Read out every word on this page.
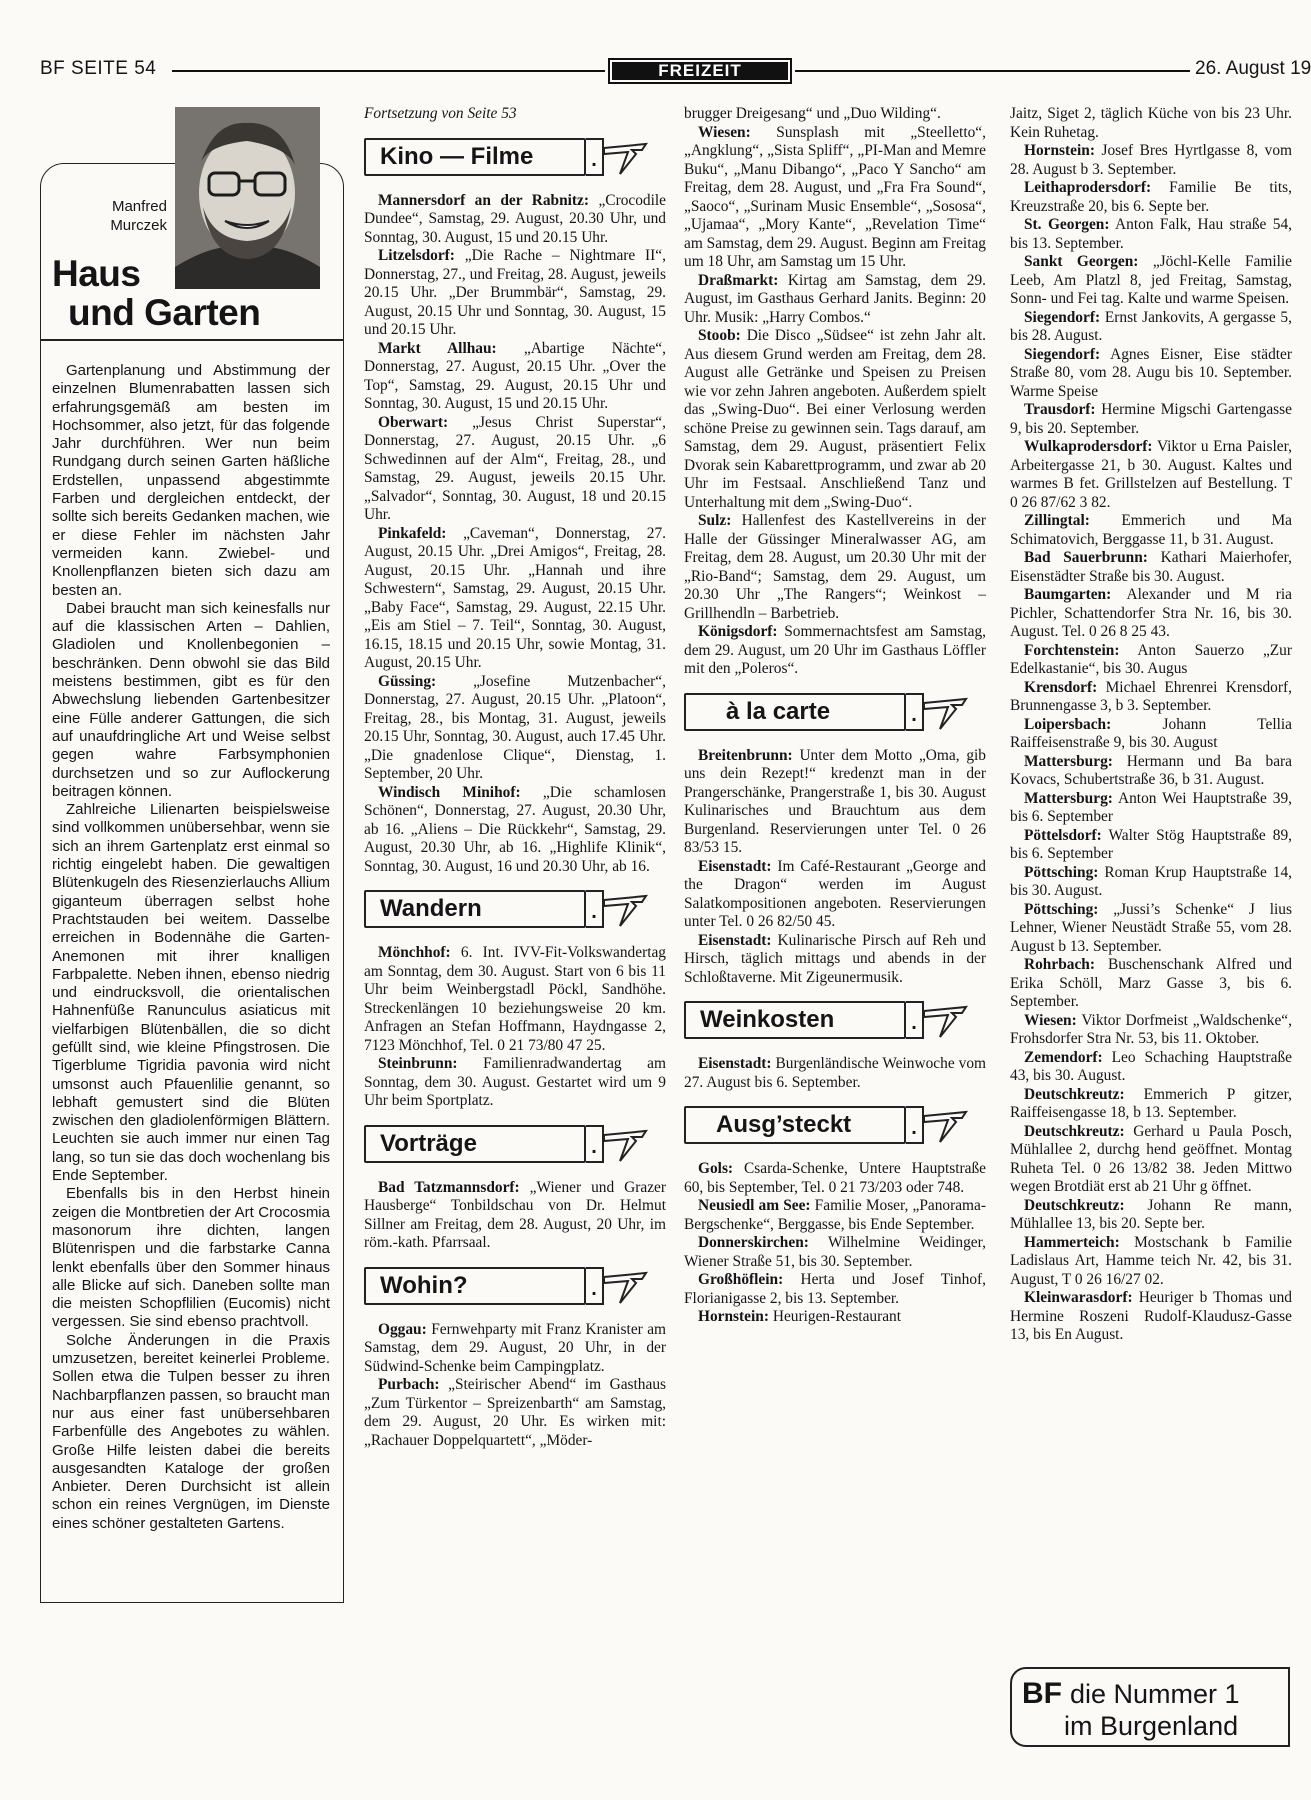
BF SEITE 54	FREIZEIT	26. August 19
Manfred Murczek
Haus
und Garten

Gartenplanung und Abstimmung der einzelnen Blumenrabatten lassen sich erfahrungsgemäß am besten im Hochsommer, also jetzt, für das folgende Jahr durchführen. Wer nun beim Rundgang durch seinen Garten häßliche Erdstellen, unpassend abgestimmte Farben und dergleichen entdeckt, der sollte sich bereits Gedanken machen, wie er diese Fehler im nächsten Jahr vermeiden kann. Zwiebel- und Knollenpflanzen bieten sich dazu am besten an.

Dabei braucht man sich keinesfalls nur auf die klassischen Arten – Dahlien, Gladiolen und Knollenbegonien – beschränken. Denn obwohl sie das Bild meistens bestimmen, gibt es für den Abwechslung liebenden Gartenbesitzer eine Fülle anderer Gattungen, die sich auf unaufdringliche Art und Weise selbst gegen wahre Farbsymphonien durchsetzen und so zur Auflockerung beitragen können.

Zahlreiche Lilienarten beispielsweise sind vollkommen unübersehbar, wenn sie sich an ihrem Gartenplatz erst einmal so richtig eingelebt haben. Die gewaltigen Blütenkugeln des Riesenzierlauchs Allium giganteum überragen selbst hohe Prachtstauden bei weitem. Dasselbe erreichen in Bodennähe die Garten-Anemonen mit ihrer knalligen Farbpalette. Neben ihnen, ebenso niedrig und eindrucksvoll, die orientalischen Hahnenfüße Ranunculus asiaticus mit vielfarbigen Blütenbällen, die so dicht gefüllt sind, wie kleine Pfingstrosen. Die Tigerblume Tigridia pavonia wird nicht umsonst auch Pfauenlilie genannt, so lebhaft gemustert sind die Blüten zwischen den gladiolenförmigen Blättern. Leuchten sie auch immer nur einen Tag lang, so tun sie das doch wochenlang bis Ende September.

Ebenfalls bis in den Herbst hinein zeigen die Montbretien der Art Crocosmia masonorum ihre dichten, langen Blütenrispen und die farbstarke Canna lenkt ebenfalls über den Sommer hinaus alle Blicke auf sich. Daneben sollte man die meisten Schopflilien (Eucomis) nicht vergessen. Sie sind ebenso prachtvoll.

Solche Änderungen in die Praxis umzusetzen, bereitet keinerlei Probleme. Sollen etwa die Tulpen besser zu ihren Nachbarpflanzen passen, so braucht man nur aus einer fast unübersehbaren Farbenfülle des Angebotes zu wählen. Große Hilfe leisten dabei die bereits ausgesandten Kataloge der großen Anbieter. Deren Durchsicht ist allein schon ein reines Vergnügen, im Dienste eines schöner gestalteten Gartens.

Fortsetzung von Seite 53

Kino — Filme	.

Mannersdorf an der Rabnitz: „Crocodile Dundee“, Samstag, 29. August, 20.30 Uhr, und Sonntag, 30. August, 15 und 20.15 Uhr.

Litzelsdorf: „Die Rache – Nightmare II“, Donnerstag, 27., und Freitag, 28. August, jeweils 20.15 Uhr. „Der Brummbär“, Samstag, 29. August, 20.15 Uhr und Sonntag, 30. August, 15 und 20.15 Uhr.

Markt Allhau: „Abartige Nächte“, Donnerstag, 27. August, 20.15 Uhr. „Over the Top“, Samstag, 29. August, 20.15 Uhr und Sonntag, 30. August, 15 und 20.15 Uhr.

Oberwart: „Jesus Christ Superstar“, Donnerstag, 27. August, 20.15 Uhr. „6 Schwedinnen auf der Alm“, Freitag, 28., und Samstag, 29. August, jeweils 20.15 Uhr. „Salvador“, Sonntag, 30. August, 18 und 20.15 Uhr.

Pinkafeld: „Caveman“, Donnerstag, 27. August, 20.15 Uhr. „Drei Amigos“, Freitag, 28. August, 20.15 Uhr. „Hannah und ihre Schwestern“, Samstag, 29. August, 20.15 Uhr. „Baby Face“, Samstag, 29. August, 22.15 Uhr. „Eis am Stiel – 7. Teil“, Sonntag, 30. August, 16.15, 18.15 und 20.15 Uhr, sowie Montag, 31. August, 20.15 Uhr.

Güssing: „Josefine Mutzenbacher“, Donnerstag, 27. August, 20.15 Uhr. „Platoon“, Freitag, 28., bis Montag, 31. August, jeweils 20.15 Uhr, Sonntag, 30. August, auch 17.45 Uhr. „Die gnadenlose Clique“, Dienstag, 1. September, 20 Uhr.

Windisch Minihof: „Die schamlosen Schönen“, Donnerstag, 27. August, 20.30 Uhr, ab 16. „Aliens – Die Rückkehr“, Samstag, 29. August, 20.30 Uhr, ab 16. „Highlife Klinik“, Sonntag, 30. August, 16 und 20.30 Uhr, ab 16.

Wandern	.

Mönchhof: 6. Int. IVV-Fit-Volkswandertag am Sonntag, dem 30. August. Start von 6 bis 11 Uhr beim Weinbergstadl Pöckl, Sandhöhe. Streckenlängen 10 beziehungsweise 20 km. Anfragen an Stefan Hoffmann, Haydngasse 2, 7123 Mönchhof, Tel. 0 21 73/80 47 25.

Steinbrunn: Familienradwandertag am Sonntag, dem 30. August. Gestartet wird um 9 Uhr beim Sportplatz.

Vorträge	.

Bad Tatzmannsdorf: „Wiener und Grazer Hausberge“ Tonbildschau von Dr. Helmut Sillner am Freitag, dem 28. August, 20 Uhr, im röm.-kath. Pfarrsaal.

Wohin?	.

Oggau: Fernwehparty mit Franz Kranister am Samstag, dem 29. August, 20 Uhr, in der Südwind-Schenke beim Campingplatz.

Purbach: „Steirischer Abend“ im Gasthaus „Zum Türkentor – Spreizenbarth“ am Samstag, dem 29. August, 20 Uhr. Es wirken mit: „Rachauer Doppelquartett“, „Möder-

brugger Dreigesang“ und „Duo Wilding“.

Wiesen: Sunsplash mit „Steelletto“, „Angklung“, „Sista Spliff“, „PI-Man and Memre Buku“, „Manu Dibango“, „Paco Y Sancho“ am Freitag, dem 28. August, und „Fra Fra Sound“, „Saoco“, „Surinam Music Ensemble“, „Sososa“, „Ujamaa“, „Mory Kante“, „Revelation Time“ am Samstag, dem 29. August. Beginn am Freitag um 18 Uhr, am Samstag um 15 Uhr.

Draßmarkt: Kirtag am Samstag, dem 29. August, im Gasthaus Gerhard Janits. Beginn: 20 Uhr. Musik: „Harry Combos.“

Stoob: Die Disco „Südsee“ ist zehn Jahr alt. Aus diesem Grund werden am Freitag, dem 28. August alle Getränke und Speisen zu Preisen wie vor zehn Jahren angeboten. Außerdem spielt das „Swing-Duo“. Bei einer Verlosung werden schöne Preise zu gewinnen sein. Tags darauf, am Samstag, dem 29. August, präsentiert Felix Dvorak sein Kabarettprogramm, und zwar ab 20 Uhr im Festsaal. Anschließend Tanz und Unterhaltung mit dem „Swing-Duo“.

Sulz: Hallenfest des Kastellvereins in der Halle der Güssinger Mineralwasser AG, am Freitag, dem 28. August, um 20.30 Uhr mit der „Rio-Band“; Samstag, dem 29. August, um 20.30 Uhr „The Rangers“; Weinkost – Grillhendln – Barbetrieb.

Königsdorf: Sommernachtsfest am Samstag, dem 29. August, um 20 Uhr im Gasthaus Löffler mit den „Poleros“.

à la carte	.

Breitenbrunn: Unter dem Motto „Oma, gib uns dein Rezept!“ kredenzt man in der Prangerschänke, Prangerstraße 1, bis 30. August Kulinarisches und Brauchtum aus dem Burgenland. Reservierungen unter Tel. 0 26 83/53 15.

Eisenstadt: Im Café-Restaurant „George and the Dragon“ werden im August Salatkompositionen angeboten. Reservierungen unter Tel. 0 26 82/50 45.

Eisenstadt: Kulinarische Pirsch auf Reh und Hirsch, täglich mittags und abends in der Schloßtaverne. Mit Zigeunermusik.

Weinkosten	.

Eisenstadt: Burgenländische Weinwoche vom 27. August bis 6. September.

Ausg’steckt	.

Gols: Csarda-Schenke, Untere Hauptstraße 60, bis September, Tel. 0 21 73/203 oder 748.

Neusiedl am See: Familie Moser, „Panorama-Bergschenke“, Berggasse, bis Ende September.

Donnerskirchen: Wilhelmine Weidinger, Wiener Straße 51, bis 30. September.

Großhöflein: Herta und Josef Tinhof, Florianigasse 2, bis 13. September.

Hornstein: Heurigen-Restaurant

Jaitz, Siget 2, täglich Küche von bis 23 Uhr. Kein Ruhetag.

Hornstein: Josef Bres Hyrtlgasse 8, vom 28. August b 3. September.

Leithaprodersdorf: Familie Be tits, Kreuzstraße 20, bis 6. Septe ber.

St. Georgen: Anton Falk, Hau straße 54, bis 13. September.

Sankt Georgen: „Jöchl-Kelle Familie Leeb, Am Platzl 8, jed Freitag, Samstag, Sonn- und Fei tag. Kalte und warme Speisen.

Siegendorf: Ernst Jankovits, A gergasse 5, bis 28. August.

Siegendorf: Agnes Eisner, Eise städter Straße 80, vom 28. Augu bis 10. September. Warme Speise

Trausdorf: Hermine Migschi Gartengasse 9, bis 20. September.

Wulkaprodersdorf: Viktor u Erna Paisler, Arbeitergasse 21, b 30. August. Kaltes und warmes B fet. Grillstelzen auf Bestellung. T 0 26 87/62 3 82.

Zillingtal: Emmerich und Ma Schimatovich, Berggasse 11, b 31. August.

Bad Sauerbrunn: Kathari Maierhofer, Eisenstädter Straße bis 30. August.

Baumgarten: Alexander und M ria Pichler, Schattendorfer Stra Nr. 16, bis 30. August. Tel. 0 26 8 25 43.

Forchtenstein: Anton Sauerzo „Zur Edelkastanie“, bis 30. Augus

Krensdorf: Michael Ehrenrei Krensdorf, Brunnengasse 3, b 3. September.

Loipersbach:	Johann Tellia Raiffeisenstraße 9, bis 30. August

Mattersburg: Hermann und Ba bara Kovacs, Schubertstraße 36, b 31. August.

Mattersburg: Anton Wei Hauptstraße 39, bis 6. September

Pöttelsdorf: Walter Stög Hauptstraße 89, bis 6. September

Pöttsching: Roman Krup Hauptstraße 14, bis 30. August.

Pöttsching: „Jussi’s Schenke“ J lius Lehner, Wiener Neustädt Straße 55, vom 28. August b 13. September.

Rohrbach: Buschenschank Alfred und Erika Schöll, Marz Gasse 3, bis 6. September.

Wiesen: Viktor Dorfmeist „Waldschenke“, Frohsdorfer Stra Nr. 53, bis 11. Oktober.

Zemendorf: Leo Schaching Hauptstraße 43, bis 30. August.

Deutschkreutz: Emmerich P gitzer, Raiffeisengasse 18, b 13. September.

Deutschkreutz: Gerhard u Paula Posch, Mühlallee 2, durchg hend geöffnet. Montag Ruheta Tel. 0 26 13/82 38. Jeden Mittwo wegen Brotdiät erst ab 21 Uhr g öffnet.

Deutschkreutz: Johann Re mann, Mühlallee 13, bis 20. Septe ber.

Hammerteich: Mostschank b Familie Ladislaus Art, Hamme teich Nr. 42, bis 31. August, T 0 26 16/27 02.

Kleinwarasdorf: Heuriger b Thomas und Hermine Roszeni Rudolf-Klaudusz-Gasse 13, bis En August.

BF die Nummer 1
im Burgenland
